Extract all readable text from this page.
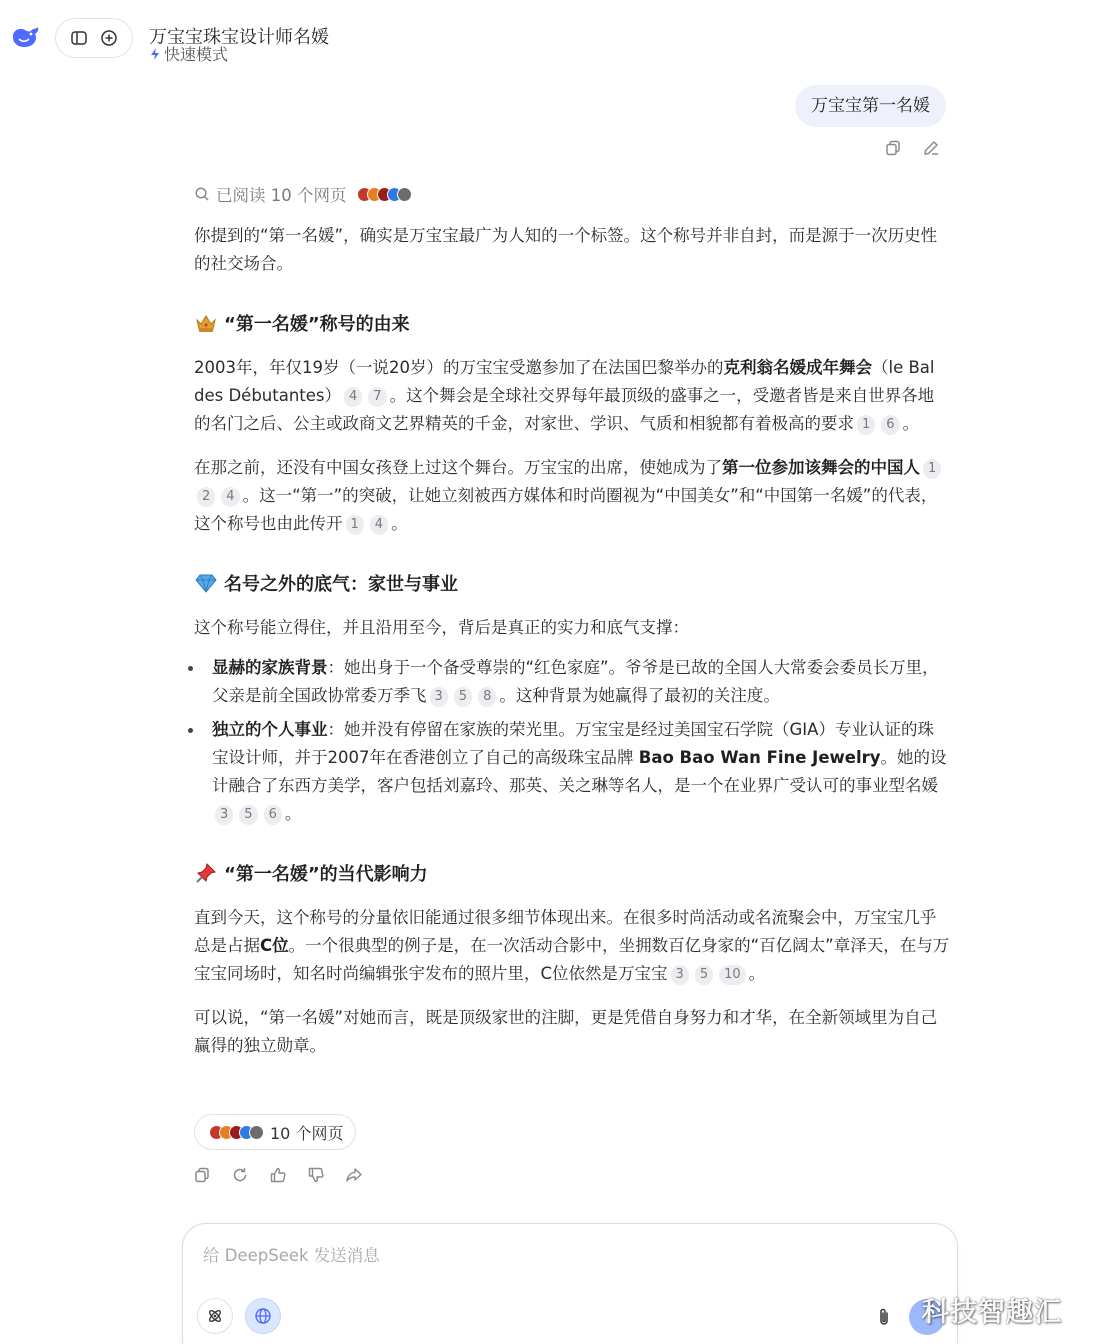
万宝宝珠宝设计师名媛
快速模式
万宝宝第一名媛
已阅读 10 个网页

你提到的“第一名媛”，确实是万宝宝最广为人知的一个标签。这个称号并非自封，而是源于一次历史性的社交场合。

“第一名媛”称号的由来

2003年，年仅19岁（一说20岁）的万宝宝受邀参加了在法国巴黎举办的克利翁名媛成年舞会（le Bal des Débutantes） 4 7 。这个舞会是全球社交界每年最顶级的盛事之一，受邀者皆是来自世界各地的名门之后、公主或政商文艺界精英的千金，对家世、学识、气质和相貌都有着极高的要求 1 6 。

在那之前，还没有中国女孩登上过这个舞台。万宝宝的出席，使她成为了第一位参加该舞会的中国人 12 4 。这一“第一”的突破，让她立刻被西方媒体和时尚圈视为“中国美女”和“中国第一名媛”的代表，这个称号也由此传开 1 4 。

名号之外的底气：家世与事业

这个称号能立得住，并且沿用至今，背后是真正的实力和底气支撑：

显赫的家族背景：她出身于一个备受尊崇的“红色家庭”。爷爷是已故的全国人大常委会委员长万里，父亲是前全国政协常委万季飞 3 5 8 。这种背景为她赢得了最初的关注度。
独立的个人事业：她并没有停留在家族的荣光里。万宝宝是经过美国宝石学院（GIA）专业认证的珠宝设计师，并于2007年在香港创立了自己的高级珠宝品牌 Bao Bao Wan Fine Jewelry。她的设计融合了东西方美学，客户包括刘嘉玲、那英、关之琳等名人，是一个在业界广受认可的事业型名媛3 5 6 。
“第一名媛”的当代影响力

直到今天，这个称号的分量依旧能通过很多细节体现出来。在很多时尚活动或名流聚会中，万宝宝几乎总是占据C位。一个很典型的例子是，在一次活动合影中，坐拥数百亿身家的“百亿阔太”章泽天，在与万宝宝同场时，知名时尚编辑张宇发布的照片里，C位依然是万宝宝 3 5 10 。

可以说，“第一名媛”对她而言，既是顶级家世的注脚，更是凭借自身努力和才华，在全新领域里为自己赢得的独立勋章。

10 个网页
给 DeepSeek 发送消息
科技智趣汇
